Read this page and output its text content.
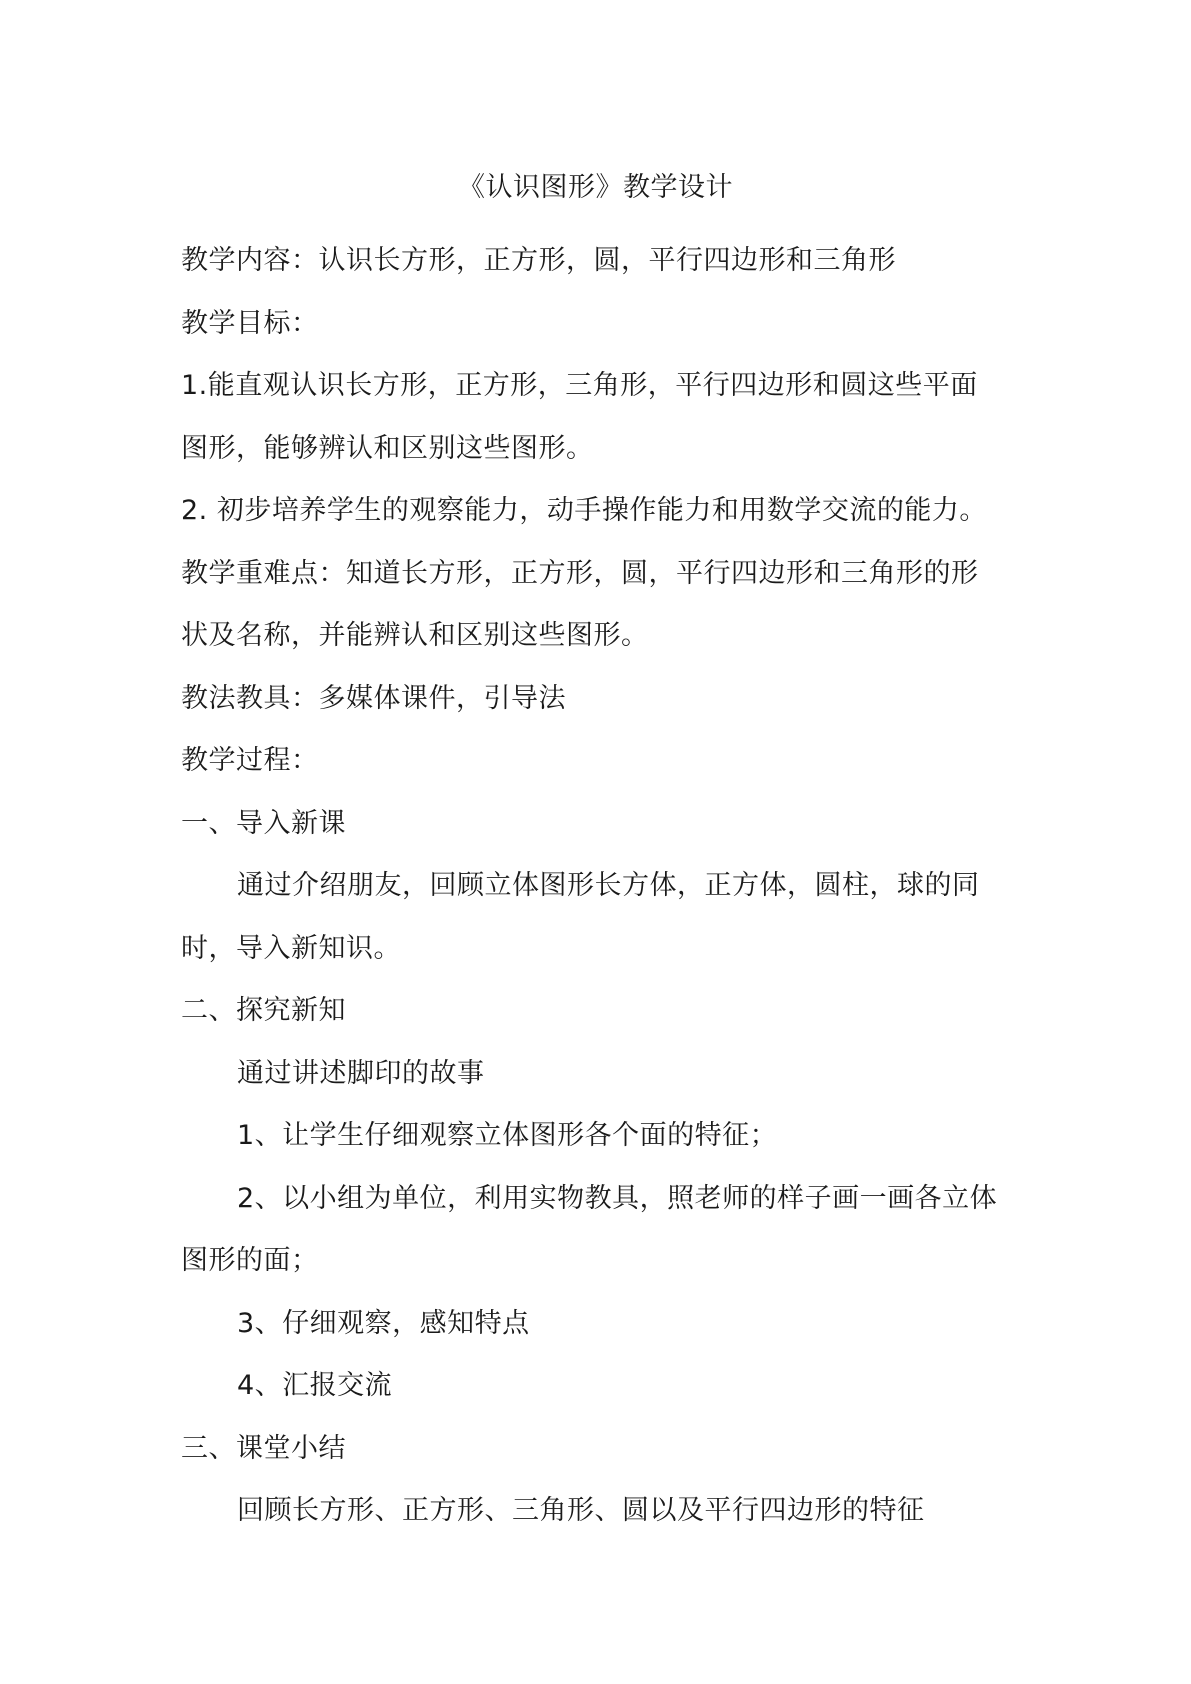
《认识图形》教学设计

教学内容：认识长方形，正方形，圆，平行四边形和三角形

教学目标：

1.能直观认识长方形，正方形，三角形，平行四边形和圆这些平面

图形，能够辨认和区别这些图形。

2. 初步培养学生的观察能力，动手操作能力和用数学交流的能力。

教学重难点：知道长方形，正方形，圆，平行四边形和三角形的形

状及名称，并能辨认和区别这些图形。

教法教具：多媒体课件，引导法

教学过程：

一、导入新课

通过介绍朋友，回顾立体图形长方体，正方体，圆柱，球的同

时，导入新知识。

二、探究新知

通过讲述脚印的故事

1、让学生仔细观察立体图形各个面的特征；

2、以小组为单位，利用实物教具，照老师的样子画一画各立体

图形的面；

3、仔细观察，感知特点

4、汇报交流

三、课堂小结

回顾长方形、正方形、三角形、圆以及平行四边形的特征
